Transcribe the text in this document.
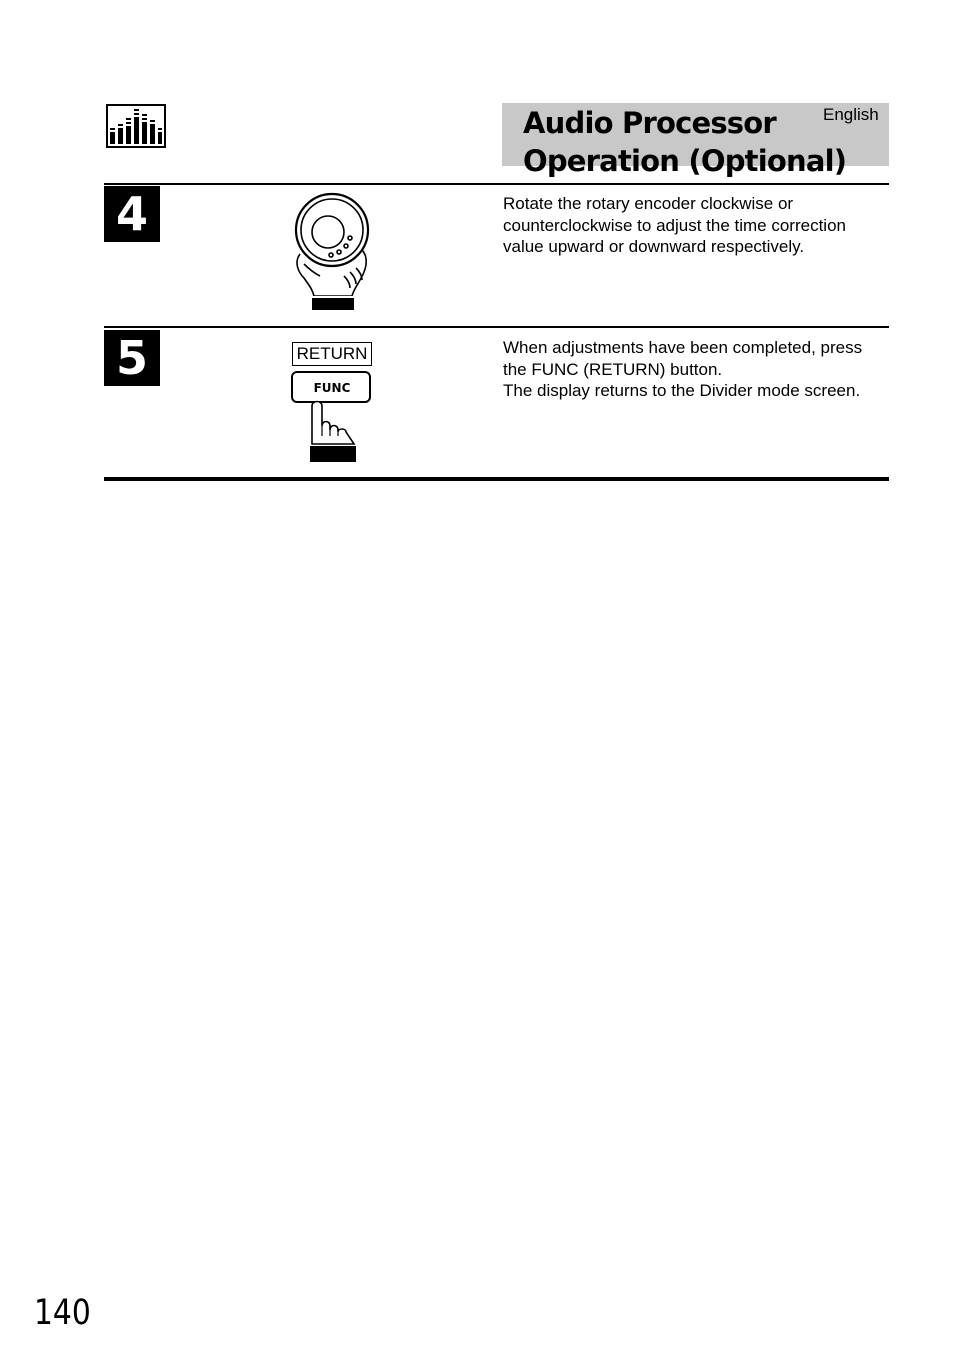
Audio Processor
Operation (Optional)
English
4	Rotate the rotary encoder clockwise or

counterclockwise to adjust the time correction

value upward or downward respectively.

5	RETURN
FUNC

When adjustments have been completed, press

the FUNC (RETURN) button.

The display returns to the Divider mode screen.

140
